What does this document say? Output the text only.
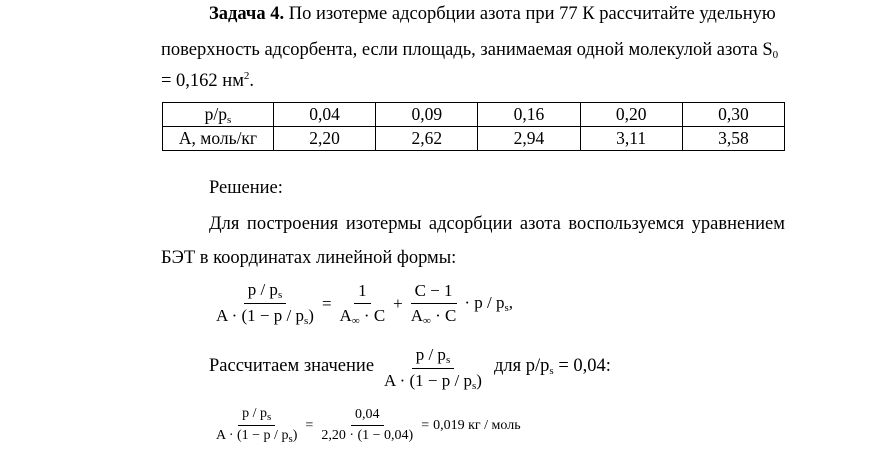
Задача 4. По изотерме адсорбции азота при 77 К рассчитайте удельную
поверхность адсорбента, если площадь, занимаемая одной молекулой азота $S_0$
= 0,162 $нм^2$.
$p/p_s$	0,04	0,09	0,16	0,20	0,30
A, моль/кг	2,20	2,62	2,94	3,11	3,58
Решение:
Для построения изотермы адсорбции азота воспользуемся уравнением
БЭТ в координатах линейной формы:
$\frac{p / p_s}{A \cdot (1 - p / p_s)} = \frac{1}{A_\infty \cdot C} + \frac{C - 1}{A_\infty \cdot C} \cdot p / p_s$,
Рассчитаем значение $\frac{p / p_s}{A \cdot (1 - p / p_s)}$ для $p/p_s = 0,04$:
$\frac{p / p_s}{A \cdot (1 - p / p_s)} = \frac{0,04}{2,20 \cdot (1 - 0,04)} = 0,019$ кг / моль
